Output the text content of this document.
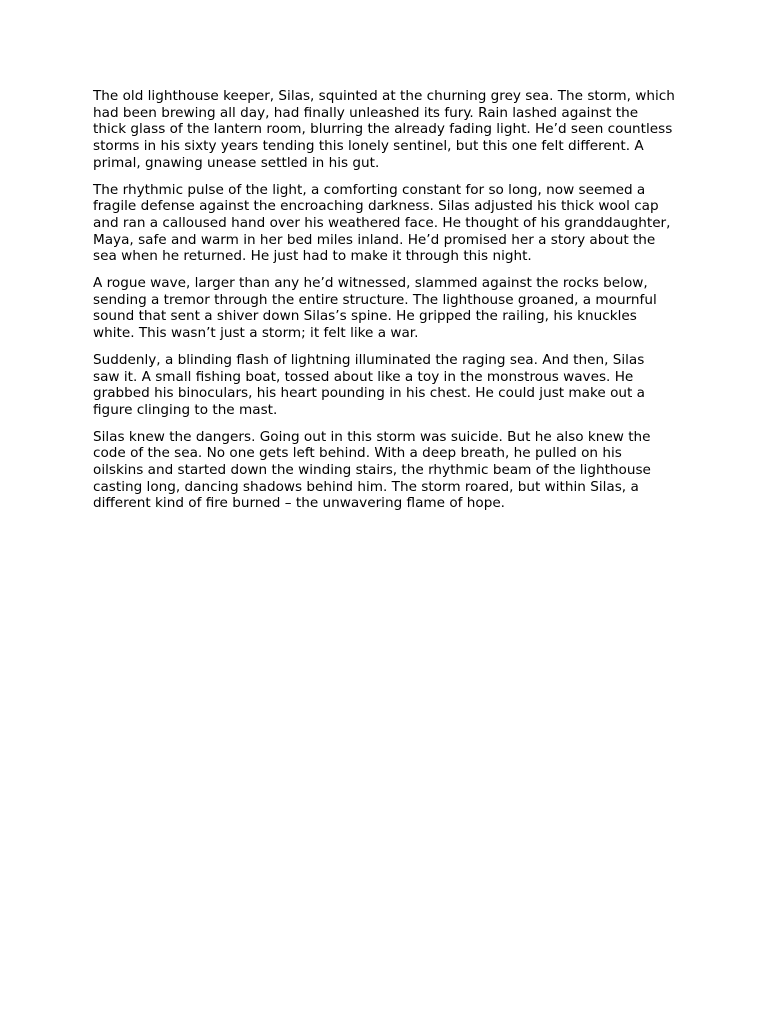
The old lighthouse keeper, Silas, squinted at the churning grey sea. The storm, which had been brewing all day, had finally unleashed its fury. Rain lashed against the thick glass of the lantern room, blurring the already fading light. He’d seen countless storms in his sixty years tending this lonely sentinel, but this one felt different. A primal, gnawing unease settled in his gut.

The rhythmic pulse of the light, a comforting constant for so long, now seemed a fragile defense against the encroaching darkness. Silas adjusted his thick wool cap and ran a calloused hand over his weathered face. He thought of his granddaughter, Maya, safe and warm in her bed miles inland. He’d promised her a story about the sea when he returned. He just had to make it through this night.

A rogue wave, larger than any he’d witnessed, slammed against the rocks below, sending a tremor through the entire structure. The lighthouse groaned, a mournful sound that sent a shiver down Silas’s spine. He gripped the railing, his knuckles white. This wasn’t just a storm; it felt like a war.

Suddenly, a blinding flash of lightning illuminated the raging sea. And then, Silas saw it. A small fishing boat, tossed about like a toy in the monstrous waves. He grabbed his binoculars, his heart pounding in his chest. He could just make out a figure clinging to the mast.

Silas knew the dangers. Going out in this storm was suicide. But he also knew the code of the sea. No one gets left behind. With a deep breath, he pulled on his oilskins and started down the winding stairs, the rhythmic beam of the lighthouse casting long, dancing shadows behind him. The storm roared, but within Silas, a different kind of fire burned – the unwavering flame of hope.
